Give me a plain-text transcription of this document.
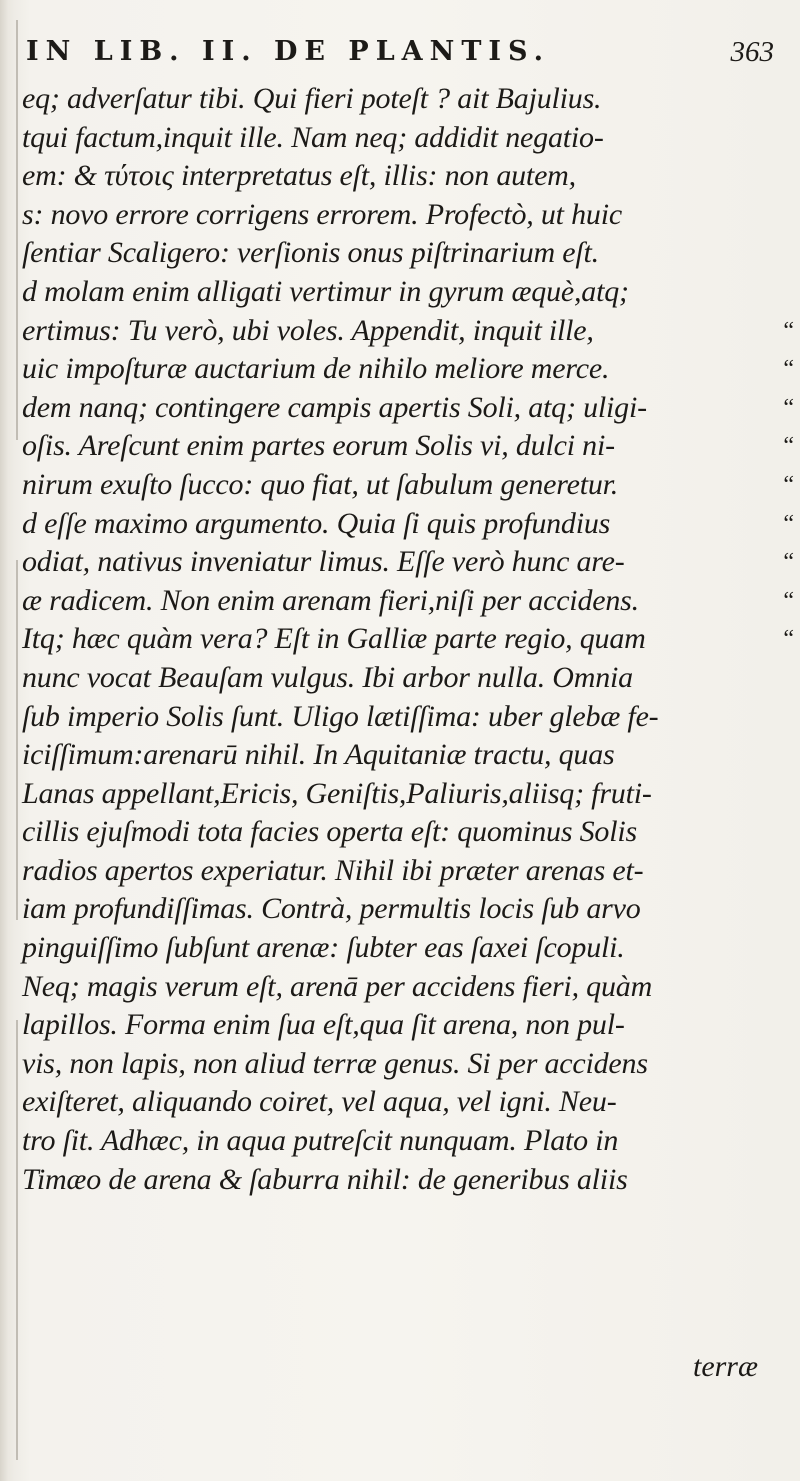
IN LIB. II. DE PLANTIS.	363
eq; adverſatur tibi. Qui fieri poteſt ? ait Bajulius.
tqui factum,inquit ille. Nam neq; addidit negatio-
em: & τύτοις interpretatus eſt, illis: non autem,
s: novo errore corrigens errorem. Profectò, ut huic
ſentiar Scaligero: verſionis onus piſtrinarium eſt.
d molam enim alligati vertimur in gyrum æquè,atq;
ertimus: Tu verò, ubi voles. Appendit, inquit ille,	“
uic impoſturæ auctarium de nihilo meliore merce.	“
dem nanq; contingere campis apertis Soli, atq; uligi-	“
oſis. Areſcunt enim partes eorum Solis vi, dulci ni-	“
nirum exuſto ſucco: quo fiat, ut ſabulum generetur.	“
d eſſe maximo argumento. Quia ſi quis profundius	“
odiat, nativus inveniatur limus. Eſſe verò hunc are-	“
æ radicem. Non enim arenam fieri,niſi per accidens.	“
Itq; hæc quàm vera? Eſt in Galliæ parte regio, quam	“
nunc vocat Beauſam vulgus. Ibi arbor nulla. Omnia
ſub imperio Solis ſunt. Uligo lætiſſima: uber glebæ fe-
iciſſimum:arenarū nihil. In Aquitaniæ tractu, quas
Lanas appellant,Ericis, Geniſtis,Paliuris,aliisq; fruti-
cillis ejuſmodi tota facies operta eſt: quominus Solis
radios apertos experiatur. Nihil ibi præter arenas et-
iam profundiſſimas. Contrà, permultis locis ſub arvo
pinguiſſimo ſubſunt arenæ: ſubter eas ſaxei ſcopuli.
Neq; magis verum eſt, arenā per accidens fieri, quàm
lapillos. Forma enim ſua eſt,qua ſit arena, non pul-
vis, non lapis, non aliud terræ genus. Si per accidens
exiſteret, aliquando coiret, vel aqua, vel igni. Neu-
tro ſit. Adhæc, in aqua putreſcit nunquam. Plato in
Timæo de arena & ſaburra nihil: de generibus aliis
terræ
